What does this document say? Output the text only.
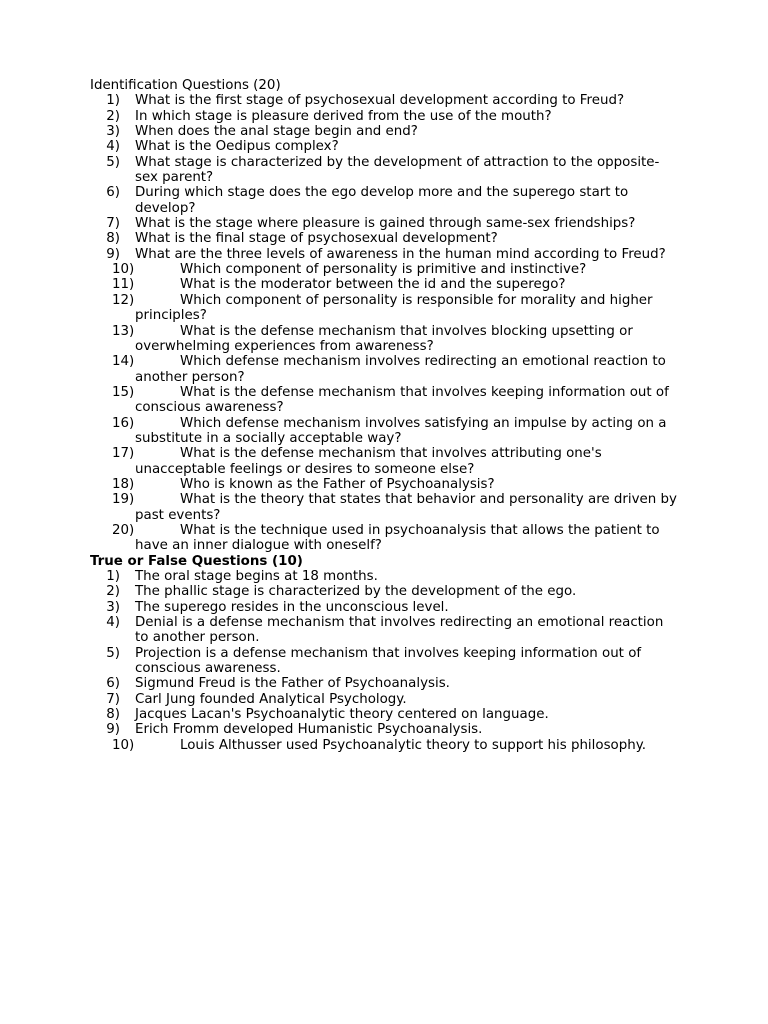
Identification Questions (20)
1) What is the first stage of psychosexual development according to Freud?
2) In which stage is pleasure derived from the use of the mouth?
3) When does the anal stage begin and end?
4) What is the Oedipus complex?
5) What stage is characterized by the development of attraction to the opposite-sex parent?
6) During which stage does the ego develop more and the superego start to develop?
7) What is the stage where pleasure is gained through same-sex friendships?
8) What is the final stage of psychosexual development?
9) What are the three levels of awareness in the human mind according to Freud?
10)	Which component of personality is primitive and instinctive?
11)	What is the moderator between the id and the superego?
12)	Which component of personality is responsible for morality and higher principles?
13)	What is the defense mechanism that involves blocking upsetting or overwhelming experiences from awareness?
14)	Which defense mechanism involves redirecting an emotional reaction to another person?
15)	What is the defense mechanism that involves keeping information out of conscious awareness?
16)	Which defense mechanism involves satisfying an impulse by acting on a substitute in a socially acceptable way?
17)	What is the defense mechanism that involves attributing one's unacceptable feelings or desires to someone else?
18)	Who is known as the Father of Psychoanalysis?
19)	What is the theory that states that behavior and personality are driven by past events?
20)	What is the technique used in psychoanalysis that allows the patient to have an inner dialogue with oneself?
True or False Questions (10)
1) The oral stage begins at 18 months.
2) The phallic stage is characterized by the development of the ego.
3) The superego resides in the unconscious level.
4) Denial is a defense mechanism that involves redirecting an emotional reaction to another person.
5) Projection is a defense mechanism that involves keeping information out of conscious awareness.
6) Sigmund Freud is the Father of Psychoanalysis.
7) Carl Jung founded Analytical Psychology.
8) Jacques Lacan's Psychoanalytic theory centered on language.
9) Erich Fromm developed Humanistic Psychoanalysis.
10)	Louis Althusser used Psychoanalytic theory to support his philosophy.
